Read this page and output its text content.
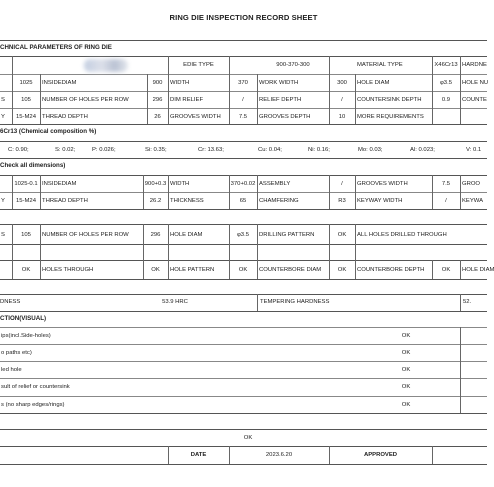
RING DIE INSPECTION RECORD SHEET
CHNICAL PARAMETERS OF RING DIE
6Cr13 (Chemical composition %)
Check all dimensions)
DNESS
CTION(VISUAL)
EDIE TYPE	900-370-300	MATERIAL TYPE	X46Cr13 HARDNE
1025	INSIDEDIAM	900	WIDTH	370	WORK WIDTH	300	HOLE DIAM	φ3.5	HOLE NU
S	105	NUMBER OF HOLES PER ROW	296	DIM RELIEF	/	RELIEF DEPTH	/	COUNTERSINK DEPTH	0.9	COUNTE
Y	15-M24	THREAD DEPTH	26	GROOVES WIDTH	7.5	GROOVES DEPTH	10	MORE REQUIREMENTS
C: 0.90;	S: 0.02;	P: 0.026;	Si: 0.35;	Cr: 13.63;	Cu: 0.04;	Ni: 0.16;	Mo: 0.03;	Al: 0.023;	V: 0.1
1025-0.1 INSIDEDIAM	900+0.3 WIDTH	370+0.02 ASSEMBLY	/	GROOVES WIDTH	7.5	GROO
Y	15-M24	THREAD DEPTH	26.2	THICKNESS	65	CHAMFERING	R3	KEYWAY WIDTH	/	KEYWA
S	105	NUMBER OF HOLES PER ROW	296	HOLE DIAM	φ3.5	DRILLING PATTERN	OK	ALL HOLES DRILLED THROUGH
OK	HOLES THROUGH	OK	HOLE PATTERN	OK	COUNTERBORE DIAM	OK	COUNTERBORE DEPTH	OK	HOLE DIAM
53.9 HRC	TEMPERING HARDNESS	52.
ips(incl.Side-holes)	OK
o paths etc)	OK
led hole	OK
sult of relief or countersink	OK
s (no sharp edges/rings)	OK
OK
DATE	2023.6.20	APPROVED
